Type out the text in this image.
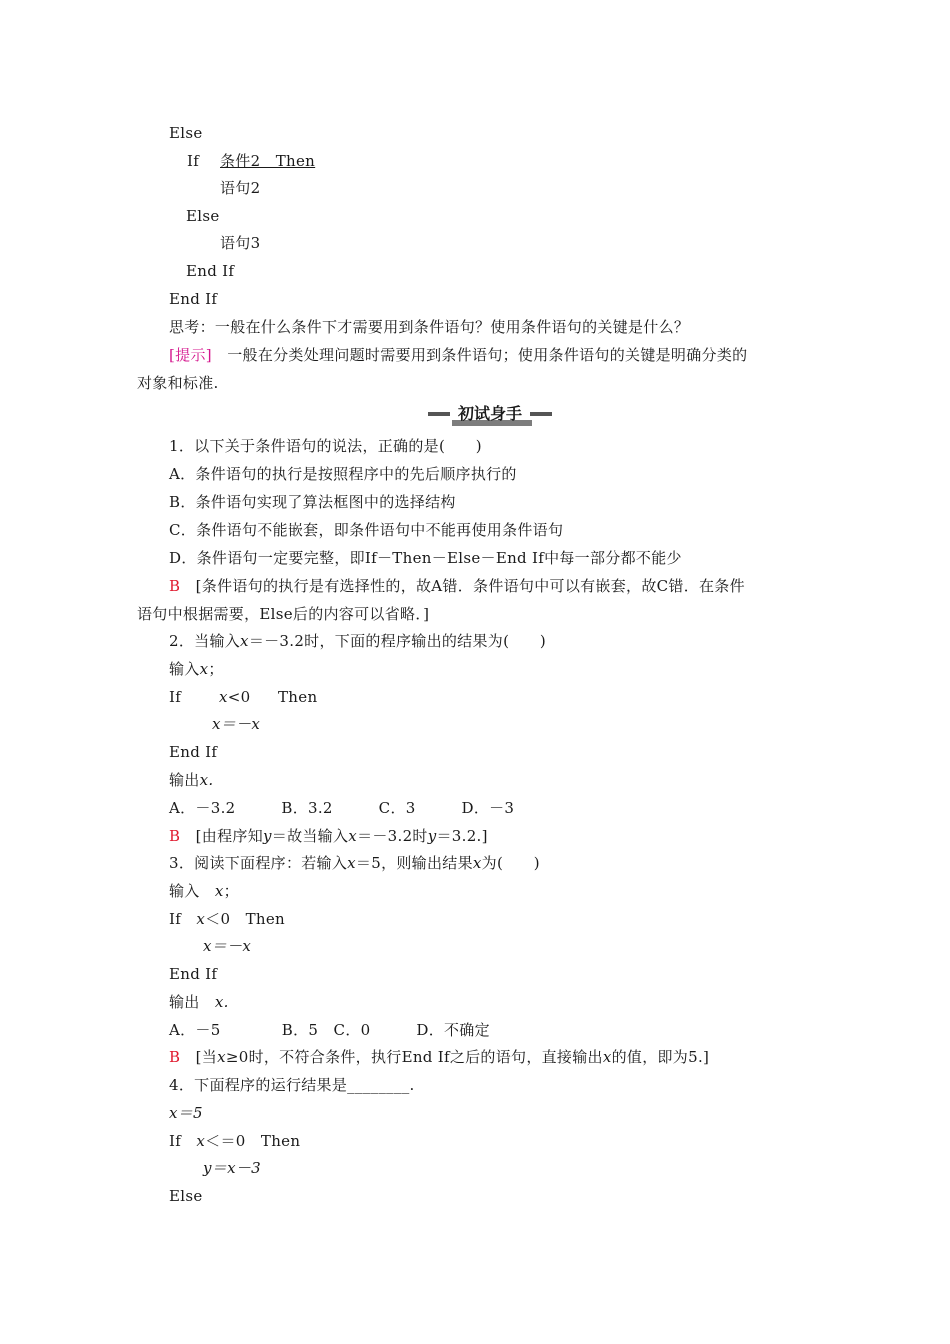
Else
If 条件2　Then
语句2
Else
语句3
End If
End If
思考：一般在什么条件下才需要用到条件语句？使用条件语句的关键是什么？
[提示]　 一般在分类处理问题时需要用到条件语句；使用条件语句的关键是明确分类的
对象和标准.
初试身手
1．以下关于条件语句的说法，正确的是(　　)
A．条件语句的执行是按照程序中的先后顺序执行的
B．条件语句实现了算法框图中的选择结构
C．条件语句不能嵌套，即条件语句中不能再使用条件语句
D．条件语句一定要完整，即If－Then－Else－End If中每一部分都不能少
B　 [条件语句的执行是有选择性的，故A错．条件语句中可以有嵌套，故C错．在条件
语句中根据需要，Else后的内容可以省略．]
2．当输入x＝－3.2时，下面的程序输出的结果为(　　)
输入x；
If	x<0 Then
x＝－x
End If
输出x.
A．－3.2　　　B．3.2　　　C．3　　　D．－3
B　 [由程序知y＝故当输入x＝－3.2时y＝3.2.]
3．阅读下面程序：若输入x＝5，则输出结果x为(　　)
输入　x；
If　x＜0　Then
x＝－x
End If
输出　x.
A．－5　　　　B．5　C．0　　　D．不确定
B　 [当x≥0时，不符合条件，执行End If之后的语句，直接输出x的值，即为5.]
4．下面程序的运行结果是________.
x＝5
If　x＜＝0　Then
y＝x－3
Else
